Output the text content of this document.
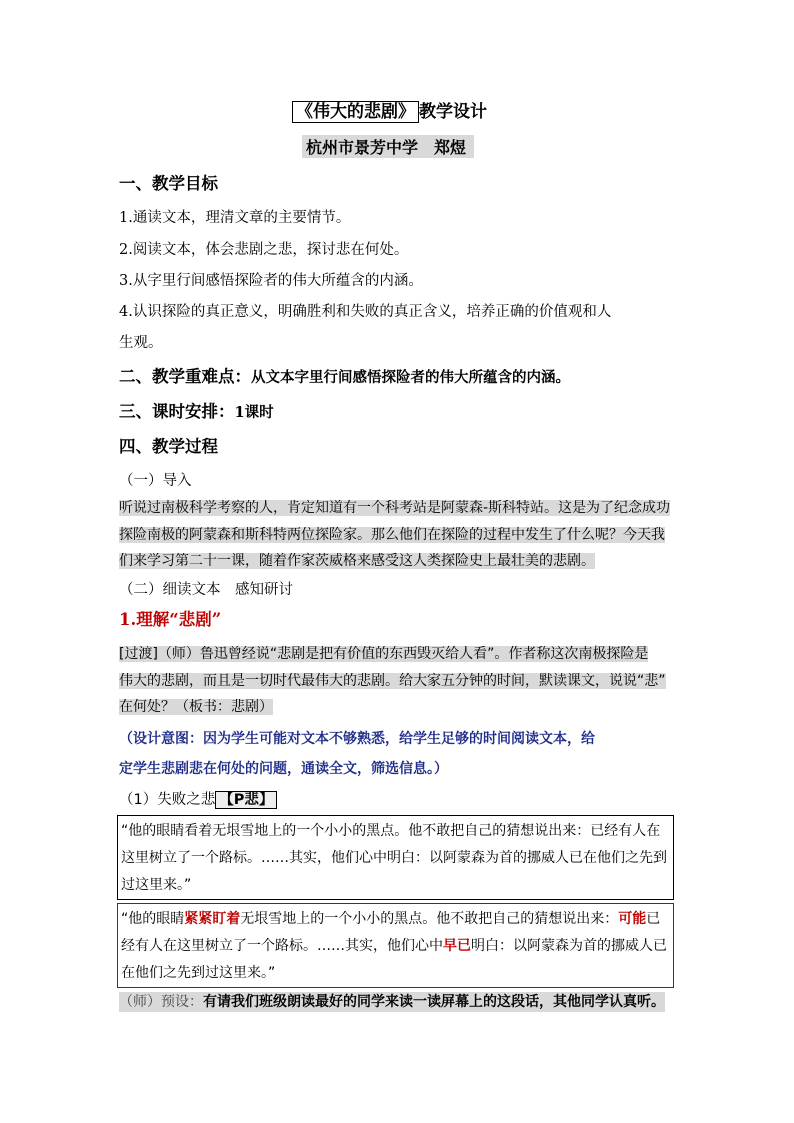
《伟大的悲剧》 教学设计
杭州市景芳中学　郑煜
一、教学目标
1.通读文本，理清文章的主要情节。
2.阅读文本，体会悲剧之悲，探讨悲在何处。
3.从字里行间感悟探险者的伟大所蕴含的内涵。
4.认识探险的真正意义，明确胜利和失败的真正含义，培养正确的价值观和人
生观。
二、教学重难点：从文本字里行间感悟探险者的伟大所蕴含的内涵。
三、课时安排：1课时
四、教学过程
（一）导入
听说过南极科学考察的人，肯定知道有一个科考站是阿蒙森-斯科特站。这是为了纪念成功
探险南极的阿蒙森和斯科特两位探险家。那么他们在探险的过程中发生了什么呢？今天我
们来学习第二十一课，随着作家茨威格来感受这人类探险史上最壮美的悲剧。
（二）细读文本　感知研讨
1.理解“悲剧”
[过渡]（师）鲁迅曾经说“悲剧是把有价值的东西毁灭给人看”。作者称这次南极探险是
伟大的悲剧，而且是一切时代最伟大的悲剧。给大家五分钟的时间，默读课文，说说“悲”
在何处？（板书：悲剧）
（设计意图：因为学生可能对文本不够熟悉，给学生足够的时间阅读文本，给
定学生悲剧悲在何处的问题，通读全文，筛选信息。）
（1）失败之悲 【P悲】
“他的眼睛看着无垠雪地上的一个小小的黑点。他不敢把自己的猜想说出来：已经有人在这里树立了一个路标。……其实，他们心中明白：以阿蒙森为首的挪威人已在他们之先到过这里来。”
“他的眼睛紧紧盯着无垠雪地上的一个小小的黑点。他不敢把自己的猜想说出来：可能已经有人在这里树立了一个路标。……其实，他们心中早已明白：以阿蒙森为首的挪威人已在他们之先到过这里来。”
（师）预设：有请我们班级朗读最好的同学来读一读屏幕上的这段话，其他同学认真听。
